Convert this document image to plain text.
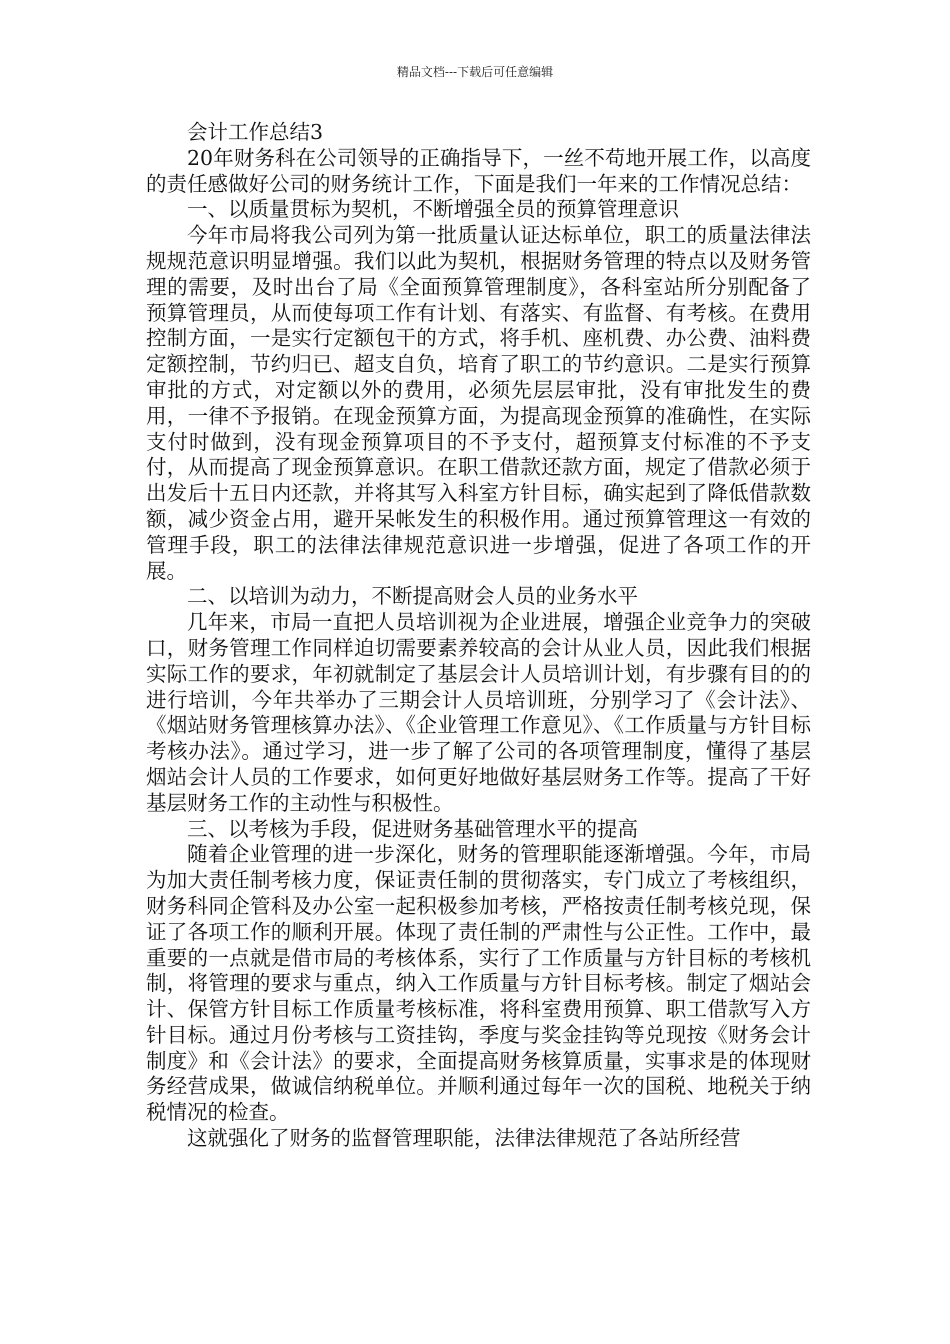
精品文档---下载后可任意编辑

会计工作总结3

20年财务科在公司领导的正确指导下，一丝不苟地开展工作，以高度的责任感做好公司的财务统计工作，下面是我们一年来的工作情况总结：

一、以质量贯标为契机，不断增强全员的预算管理意识

今年市局将我公司列为第一批质量认证达标单位，职工的质量法律法规规范意识明显增强。我们以此为契机，根据财务管理的特点以及财务管理的需要，及时出台了局《全面预算管理制度》，各科室站所分别配备了预算管理员，从而使每项工作有计划、有落实、有监督、有考核。在费用控制方面，一是实行定额包干的方式，将手机、座机费、办公费、油料费定额控制，节约归已、超支自负，培育了职工的节约意识。二是实行预算审批的方式，对定额以外的费用，必须先层层审批，没有审批发生的费用，一律不予报销。在现金预算方面，为提高现金预算的准确性，在实际支付时做到，没有现金预算项目的不予支付，超预算支付标准的不予支付，从而提高了现金预算意识。在职工借款还款方面，规定了借款必须于出发后十五日内还款，并将其写入科室方针目标，确实起到了降低借款数额，减少资金占用，避开呆帐发生的积极作用。通过预算管理这一有效的管理手段，职工的法律法律规范意识进一步增强，促进了各项工作的开展。

二、以培训为动力，不断提高财会人员的业务水平

几年来，市局一直把人员培训视为企业进展，增强企业竞争力的突破口，财务管理工作同样迫切需要素养较高的会计从业人员，因此我们根据实际工作的要求，年初就制定了基层会计人员培训计划，有步骤有目的的进行培训，今年共举办了三期会计人员培训班，分别学习了《会计法》、《烟站财务管理核算办法》、《企业管理工作意见》、《工作质量与方针目标考核办法》。通过学习，进一步了解了公司的各项管理制度，懂得了基层烟站会计人员的工作要求，如何更好地做好基层财务工作等。提高了干好基层财务工作的主动性与积极性。

三、以考核为手段，促进财务基础管理水平的提高

随着企业管理的进一步深化，财务的管理职能逐渐增强。今年，市局为加大责任制考核力度，保证责任制的贯彻落实，专门成立了考核组织，财务科同企管科及办公室一起积极参加考核，严格按责任制考核兑现，保证了各项工作的顺利开展。体现了责任制的严肃性与公正性。工作中，最重要的一点就是借市局的考核体系，实行了工作质量与方针目标的考核机制，将管理的要求与重点，纳入工作质量与方针目标考核。制定了烟站会计、保管方针目标工作质量考核标准，将科室费用预算、职工借款写入方针目标。通过月份考核与工资挂钩，季度与奖金挂钩等兑现按《财务会计制度》和《会计法》的要求，全面提高财务核算质量，实事求是的体现财务经营成果，做诚信纳税单位。并顺利通过每年一次的国税、地税关于纳税情况的检查。

这就强化了财务的监督管理职能，法律法律规范了各站所经营
